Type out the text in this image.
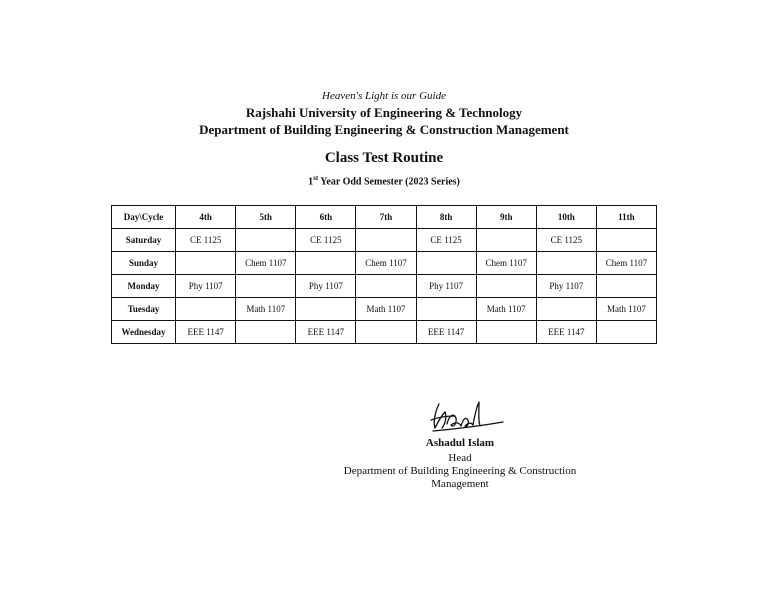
Heaven's Light is our Guide
Rajshahi University of Engineering & Technology
Department of Building Engineering & Construction Management
Class Test Routine
1st Year Odd Semester (2023 Series)
Day\Cycle	4th	5th	6th	7th	8th	9th	10th	11th
Saturday	CE 1125		CE 1125		CE 1125		CE 1125	
Sunday		Chem 1107		Chem 1107		Chem 1107		Chem 1107
Monday	Phy 1107		Phy 1107		Phy 1107		Phy 1107	
Tuesday		Math 1107		Math 1107		Math 1107		Math 1107
Wednesday	EEE 1147		EEE 1147		EEE 1147		EEE 1147	
Ashadul Islam
Head
Department of Building Engineering & Construction
Management
